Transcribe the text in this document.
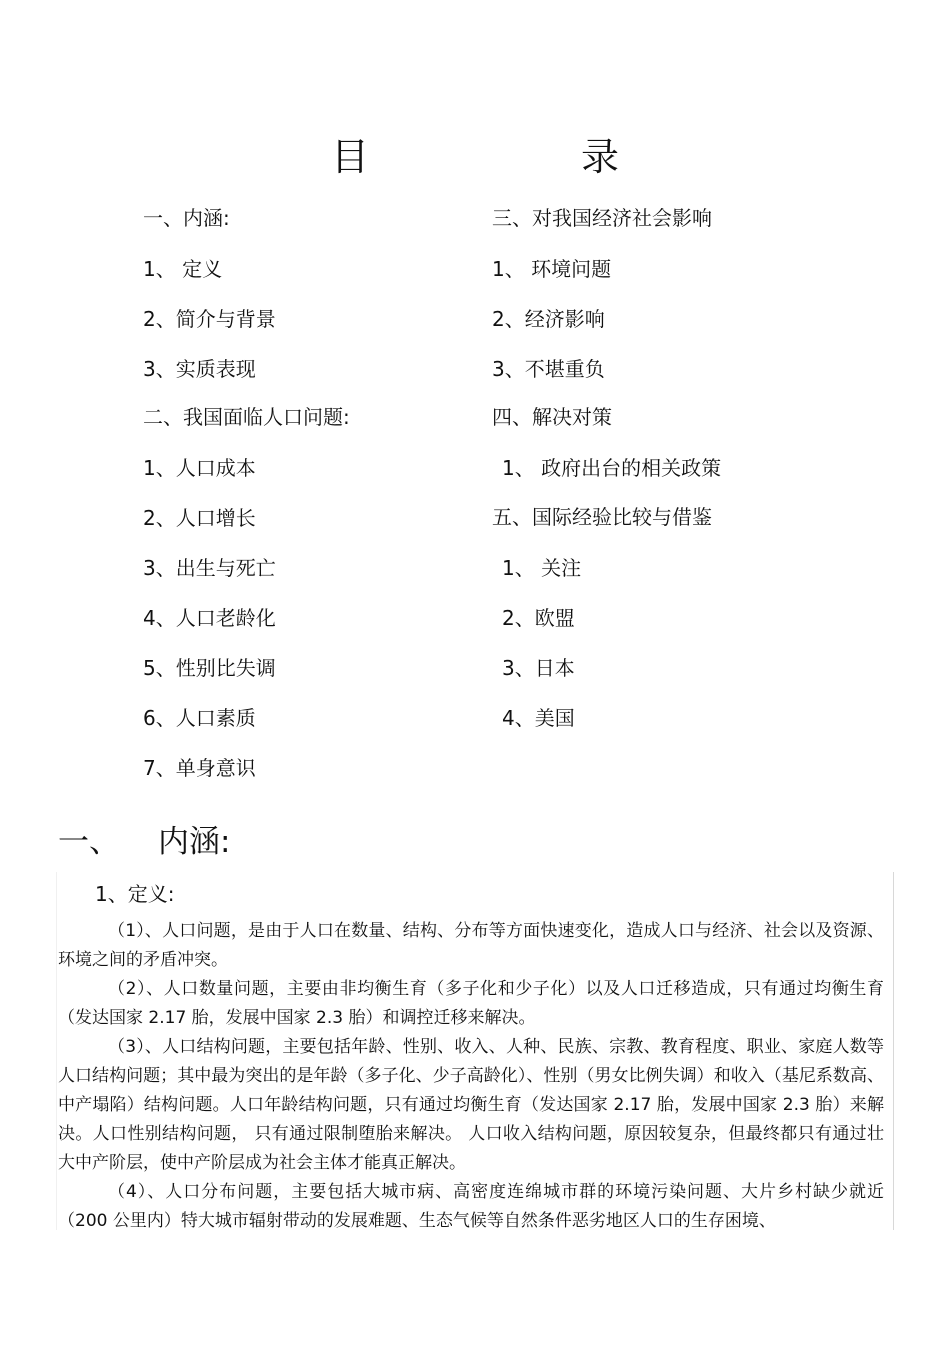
目 录
一、内涵:
1、 定义
2、简介与背景
3、实质表现
二、我国面临人口问题:
1、人口成本
2、人口增长
3、出生与死亡
4、人口老龄化
5、性别比失调
6、人口素质
7、单身意识
三、对我国经济社会影响
1、 环境问题
2、经济影响
3、不堪重负
四、解决对策
1、 政府出台的相关政策
五、国际经验比较与借鉴
1、 关注
2、欧盟
3、日本
4、美国
一、 内涵:
1、定义:
（1）、人口问题，是由于人口在数量、结构、分布等方面快速变化，造成人口与经济、社会以及资源、环境之间的矛盾冲突。
（2）、人口数量问题，主要由非均衡生育（多子化和少子化）以及人口迁移造成，只有通过均衡生育（发达国家 2.17 胎，发展中国家 2.3 胎）和调控迁移来解决。
（3）、人口结构问题，主要包括年龄、性别、收入、人种、民族、宗教、教育程度、职业、家庭人数等人口结构问题；其中最为突出的是年龄（多子化、少子高龄化）、性别（男女比例失调）和收入（基尼系数高、中产塌陷）结构问题。人口年龄结构问题，只有通过均衡生育（发达国家 2.17 胎，发展中国家 2.3 胎）来解决。人口性别结构问题， 只有通过限制堕胎来解决。 人口收入结构问题，原因较复杂，但最终都只有通过壮大中产阶层，使中产阶层成为社会主体才能真正解决。
（4）、人口分布问题，主要包括大城市病、高密度连绵城市群的环境污染问题、大片乡村缺少就近（200 公里内）特大城市辐射带动的发展难题、生态气候等自然条件恶劣地区人口的生存困境、
